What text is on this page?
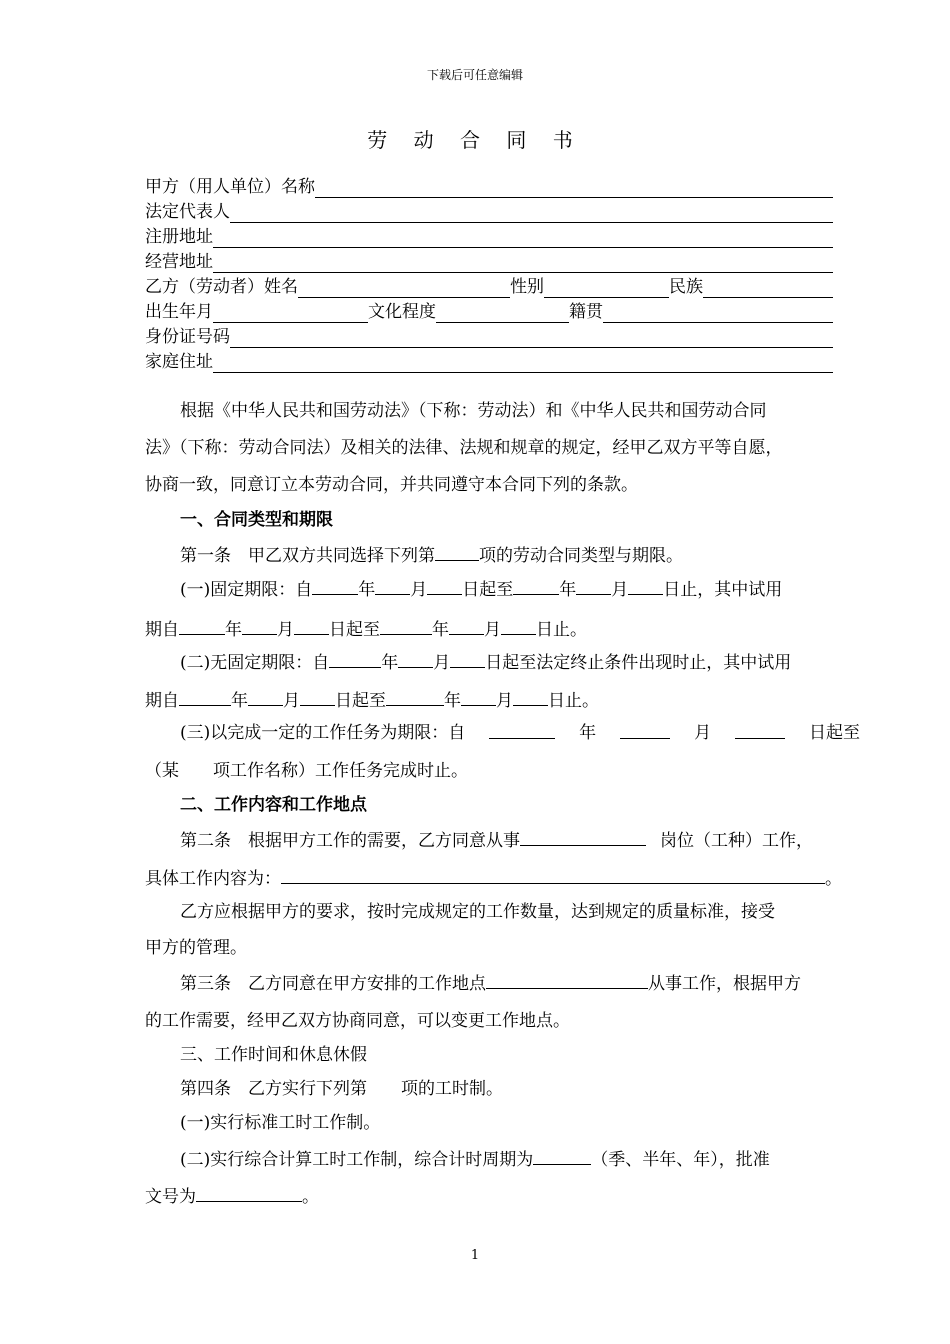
下载后可任意编辑
劳 动 合 同 书
甲方（用人单位）名称
法定代表人
注册地址
经营地址
乙方（劳动者）姓名	性别	民族
出生年月	文化程度	籍贯
身份证号码
家庭住址
根据《中华人民共和国劳动法》（下称：劳动法）和《中华人民共和国劳动合同
法》（下称：劳动合同法）及相关的法律、法规和规章的规定，经甲乙双方平等自愿，
协商一致，同意订立本劳动合同，并共同遵守本合同下列的条款。
一、合同类型和期限
第一条　甲乙双方共同选择下列第	项的劳动合同类型与期限。
(一)固定期限：自	年 月 日起至	年 月 日止，其中试用
期自	年 月 日起至	年 月 日止。
(二)无固定期限：自	年 月 日起至法定终止条件出现时止，其中试用
期自	年 月 日起至	年 月 日止。
(三)以完成一定的工作任务为期限：自	年	月	日起至
（某　　项工作名称）工作任务完成时止。
二、工作内容和工作地点
第二条　根据甲方工作的需要，乙方同意从事	岗位（工种）工作，
具体工作内容为：	。
乙方应根据甲方的要求，按时完成规定的工作数量，达到规定的质量标准，接受
甲方的管理。
第三条　乙方同意在甲方安排的工作地点	从事工作，根据甲方
的工作需要，经甲乙双方协商同意，可以变更工作地点。
三、工作时间和休息休假
第四条　乙方实行下列第　　项的工时制。
(一)实行标准工时工作制。
(二)实行综合计算工时工作制，综合计时周期为	（季、半年、年），批准
文号为	。
1
